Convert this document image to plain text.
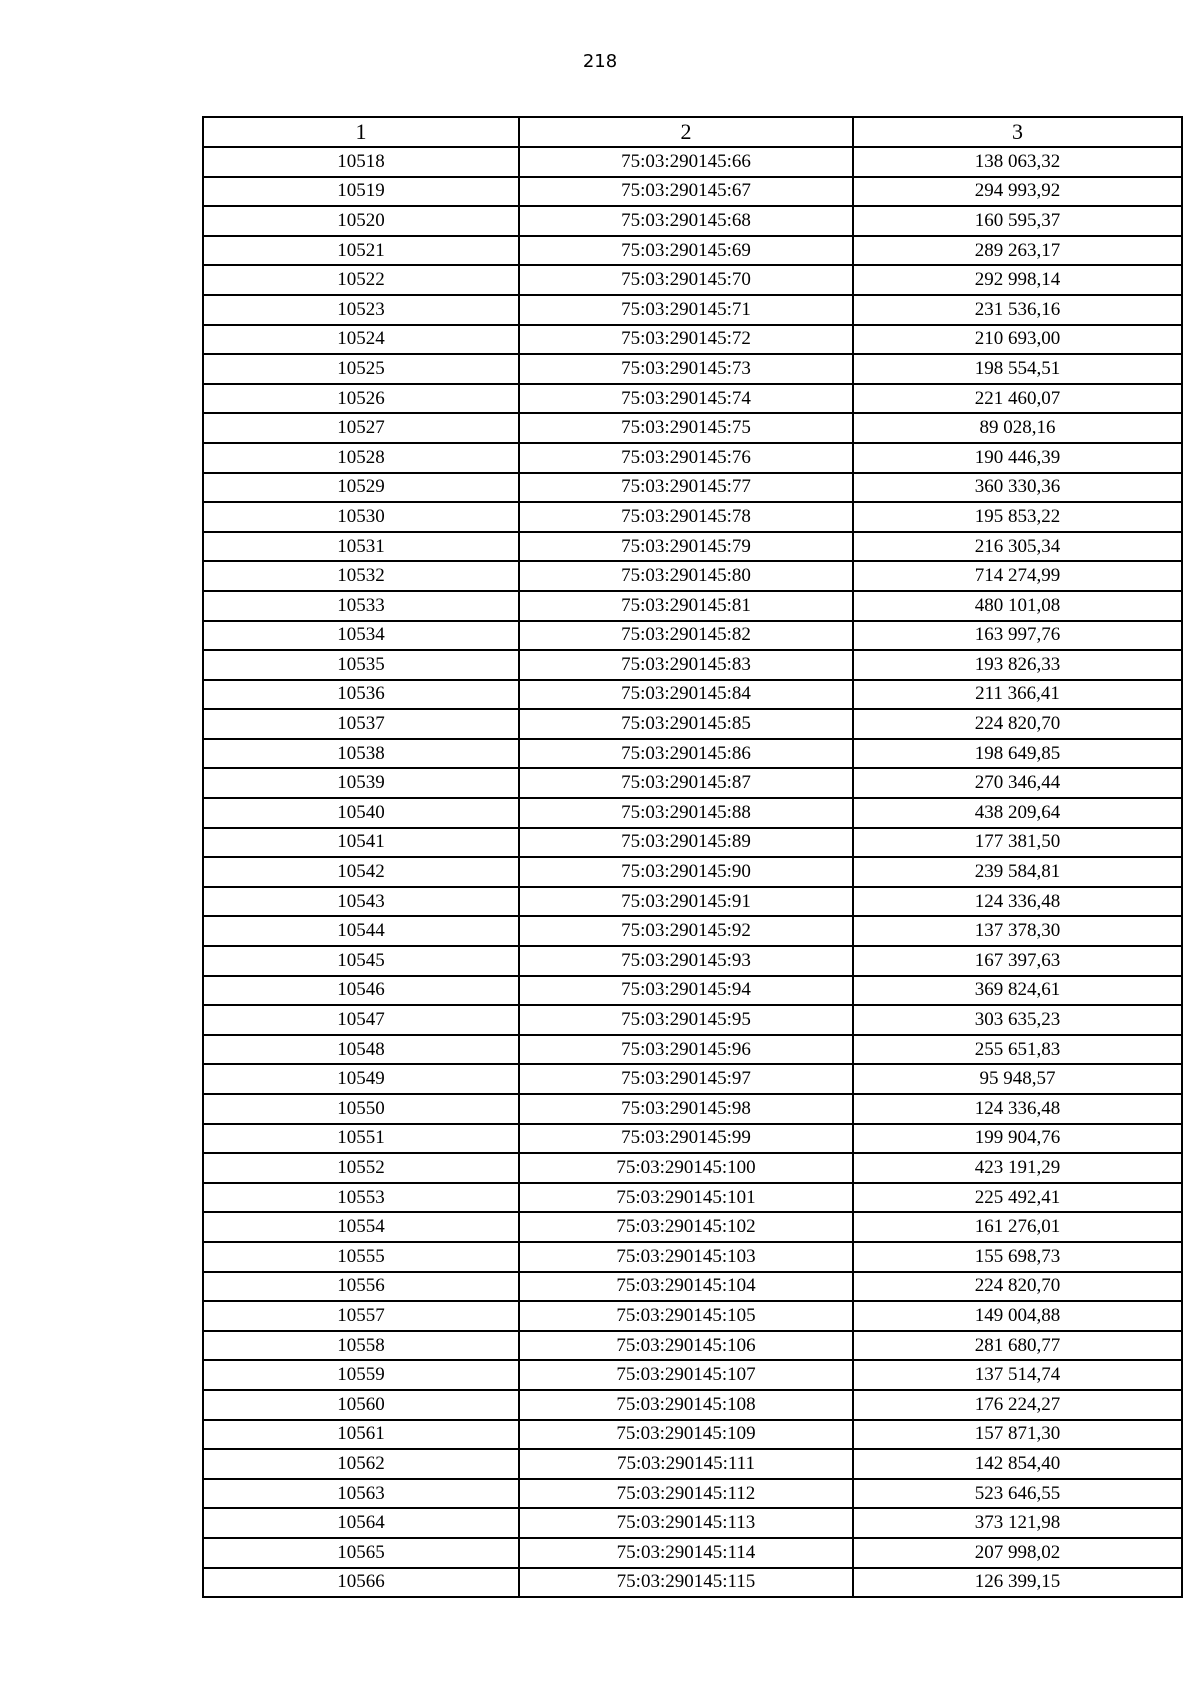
218
1	2	3
10518	75:03:290145:66	138 063,32
10519	75:03:290145:67	294 993,92
10520	75:03:290145:68	160 595,37
10521	75:03:290145:69	289 263,17
10522	75:03:290145:70	292 998,14
10523	75:03:290145:71	231 536,16
10524	75:03:290145:72	210 693,00
10525	75:03:290145:73	198 554,51
10526	75:03:290145:74	221 460,07
10527	75:03:290145:75	89 028,16
10528	75:03:290145:76	190 446,39
10529	75:03:290145:77	360 330,36
10530	75:03:290145:78	195 853,22
10531	75:03:290145:79	216 305,34
10532	75:03:290145:80	714 274,99
10533	75:03:290145:81	480 101,08
10534	75:03:290145:82	163 997,76
10535	75:03:290145:83	193 826,33
10536	75:03:290145:84	211 366,41
10537	75:03:290145:85	224 820,70
10538	75:03:290145:86	198 649,85
10539	75:03:290145:87	270 346,44
10540	75:03:290145:88	438 209,64
10541	75:03:290145:89	177 381,50
10542	75:03:290145:90	239 584,81
10543	75:03:290145:91	124 336,48
10544	75:03:290145:92	137 378,30
10545	75:03:290145:93	167 397,63
10546	75:03:290145:94	369 824,61
10547	75:03:290145:95	303 635,23
10548	75:03:290145:96	255 651,83
10549	75:03:290145:97	95 948,57
10550	75:03:290145:98	124 336,48
10551	75:03:290145:99	199 904,76
10552	75:03:290145:100	423 191,29
10553	75:03:290145:101	225 492,41
10554	75:03:290145:102	161 276,01
10555	75:03:290145:103	155 698,73
10556	75:03:290145:104	224 820,70
10557	75:03:290145:105	149 004,88
10558	75:03:290145:106	281 680,77
10559	75:03:290145:107	137 514,74
10560	75:03:290145:108	176 224,27
10561	75:03:290145:109	157 871,30
10562	75:03:290145:111	142 854,40
10563	75:03:290145:112	523 646,55
10564	75:03:290145:113	373 121,98
10565	75:03:290145:114	207 998,02
10566	75:03:290145:115	126 399,15
